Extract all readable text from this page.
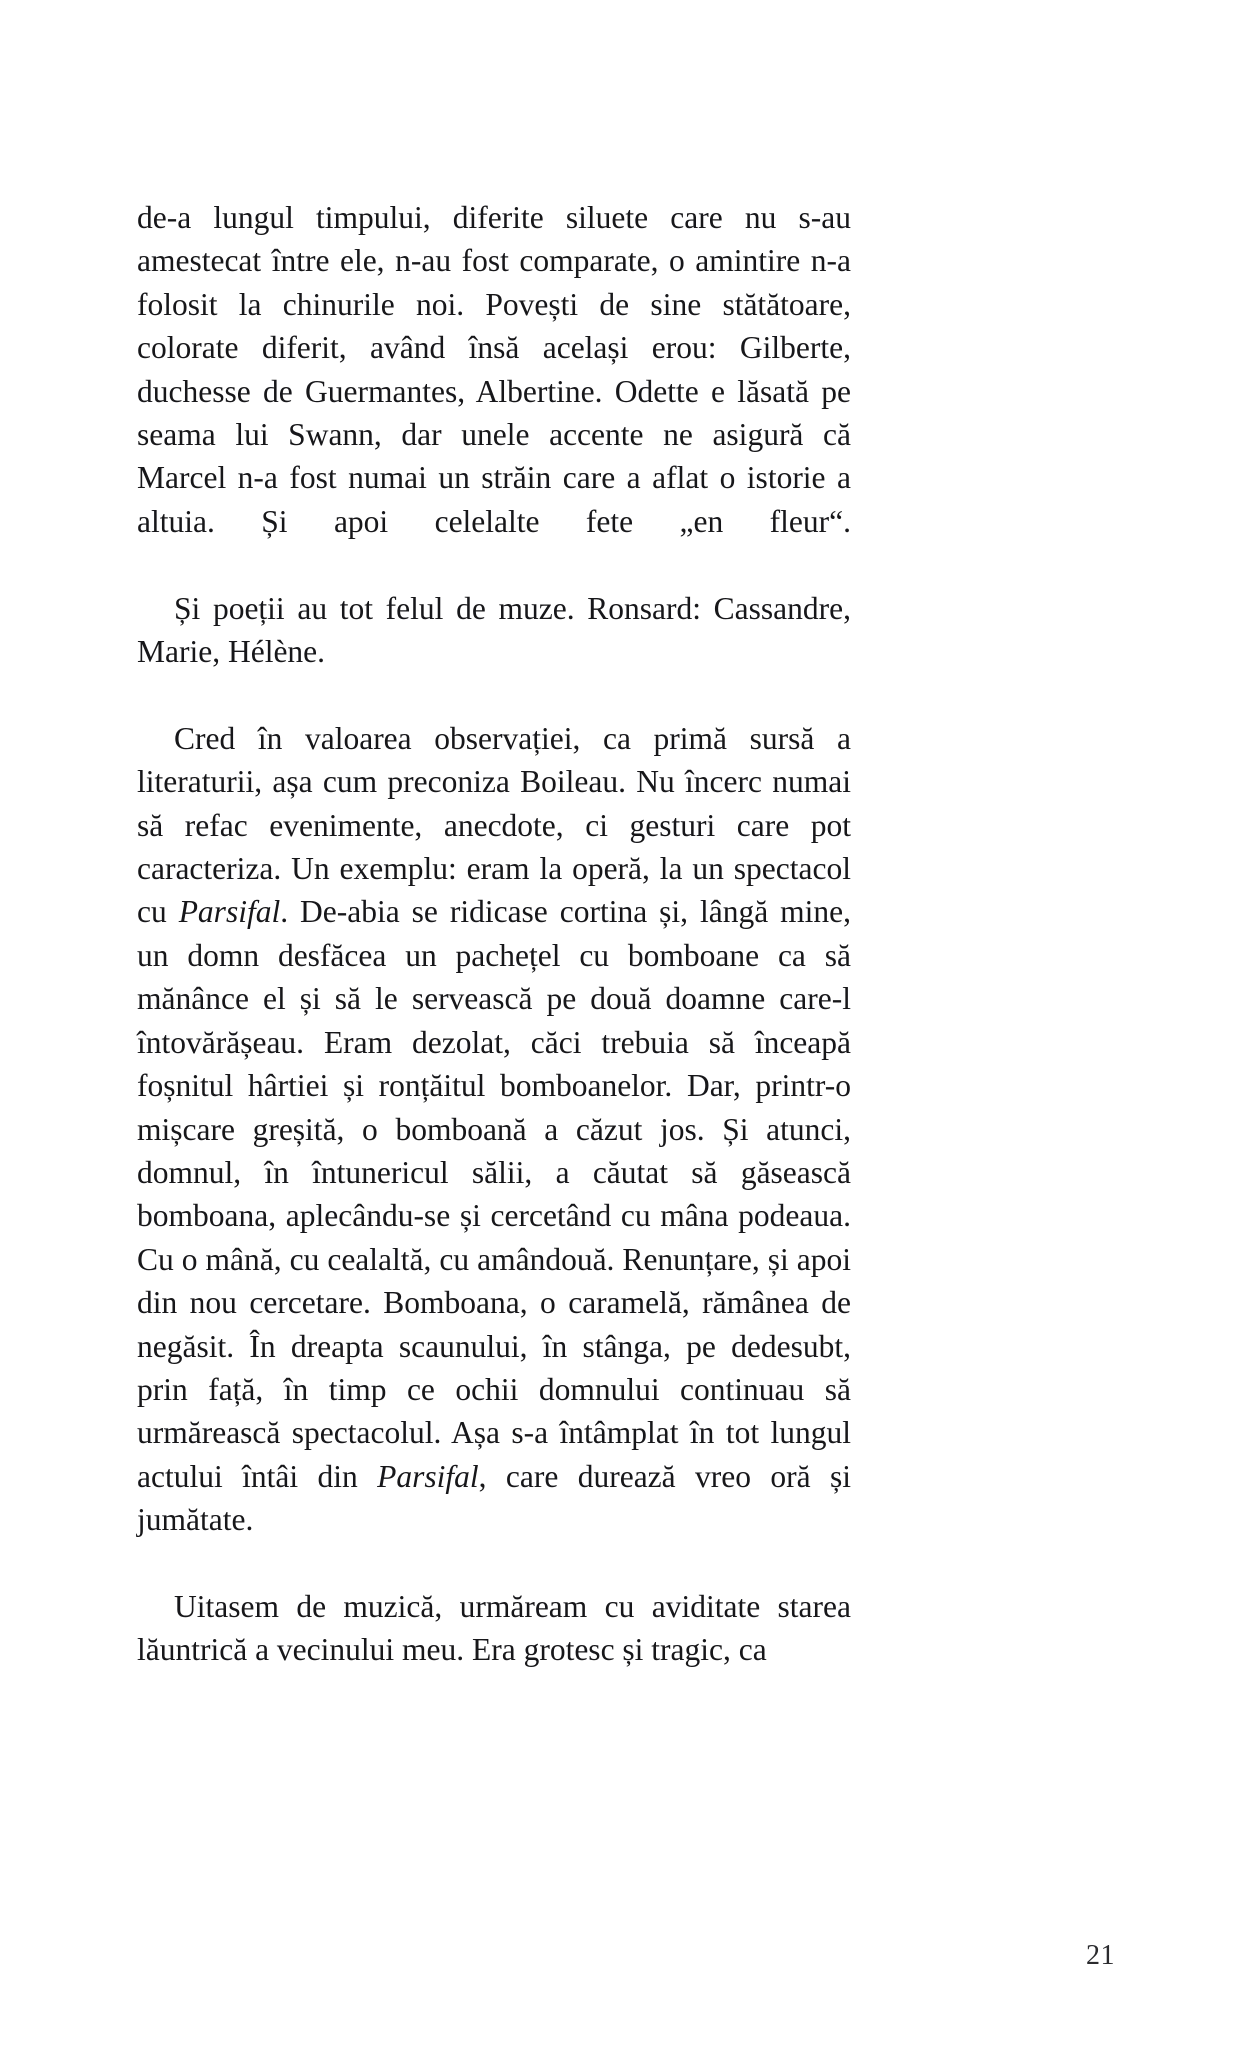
de-a lungul timpului, diferite siluete care nu s-au amestecat între ele, n-au fost comparate, o amintire n-a folosit la chinurile noi. Povești de sine stătătoare, colorate diferit, având însă același erou: Gilberte, duchesse de Guermantes, Albertine. Odette e lăsată pe seama lui Swann, dar unele accente ne asigură că Marcel n-a fost numai un străin care a aflat o istorie a altuia. Și apoi celelalte fete „en fleur“.

Și poeții au tot felul de muze. Ronsard: Cassandre, Marie, Hélène.

Cred în valoarea observației, ca primă sursă a literaturii, așa cum preconiza Boileau. Nu încerc numai să refac evenimente, anecdote, ci gesturi care pot caracteriza. Un exemplu: eram la operă, la un spectacol cu Parsifal. De-abia se ridicase cortina și, lângă mine, un domn desfăcea un pachețel cu bomboane ca să mănânce el și să le servească pe două doamne care-l întovărășeau. Eram dezolat, căci trebuia să înceapă foșnitul hârtiei și ronțăitul bomboanelor. Dar, printr-o mișcare greșită, o bomboană a căzut jos. Și atunci, domnul, în întunericul sălii, a căutat să găsească bomboana, aplecându-se și cercetând cu mâna podeaua. Cu o mână, cu cealaltă, cu amândouă. Renunțare, și apoi din nou cercetare. Bomboana, o caramelă, rămânea de negăsit. În dreapta scaunului, în stânga, pe dedesubt, prin față, în timp ce ochii domnului continuau să urmărească spectacolul. Așa s-a întâmplat în tot lungul actului întâi din Parsifal, care durează vreo oră și jumătate.

Uitasem de muzică, urmăream cu aviditate starea lăuntrică a vecinului meu. Era grotesc și tragic, ca

21
